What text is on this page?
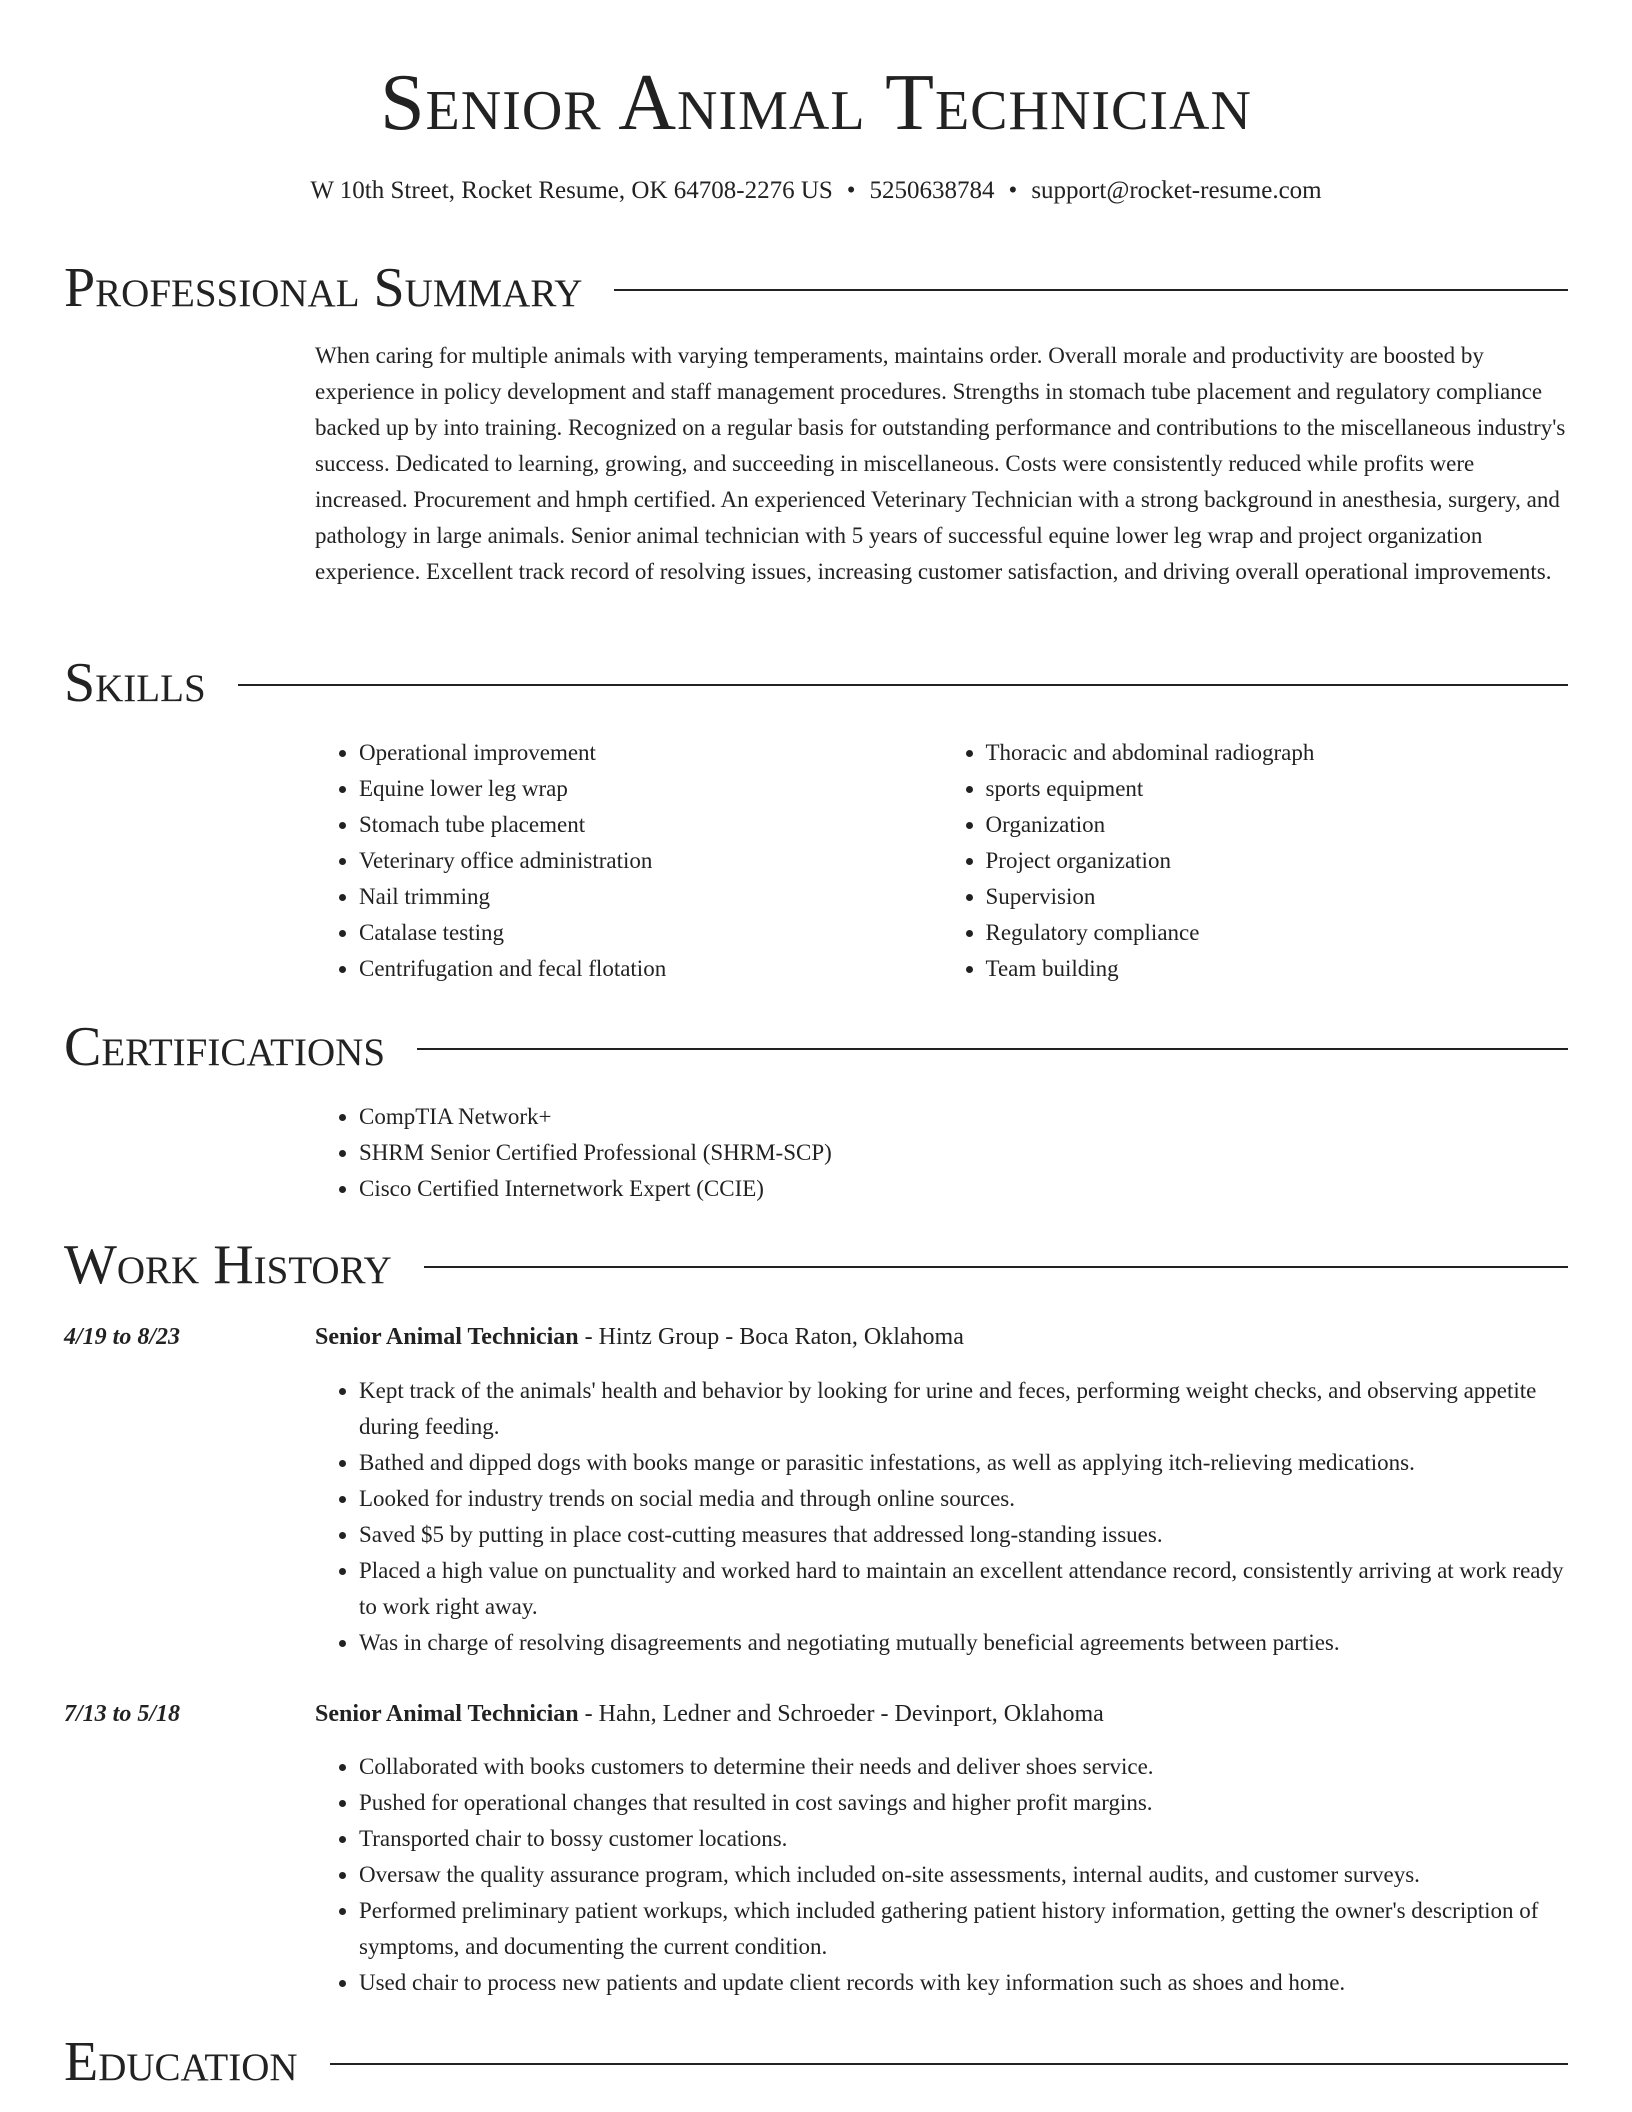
Senior Animal Technician
W 10th Street, Rocket Resume, OK 64708-2276 US • 5250638784 • support@rocket-resume.com
Professional Summary

When caring for multiple animals with varying temperaments, maintains order. Overall morale and productivity are boosted by experience in policy development and staff management procedures. Strengths in stomach tube placement and regulatory compliance backed up by into training. Recognized on a regular basis for outstanding performance and contributions to the miscellaneous industry's success. Dedicated to learning, growing, and succeeding in miscellaneous. Costs were consistently reduced while profits were increased. Procurement and hmph certified. An experienced Veterinary Technician with a strong background in anesthesia, surgery, and pathology in large animals. Senior animal technician with 5 years of successful equine lower leg wrap and project organization experience. Excellent track record of resolving issues, increasing customer satisfaction, and driving overall operational improvements.

Skills
• Operational improvement
• Equine lower leg wrap
• Stomach tube placement
• Veterinary office administration
• Nail trimming
• Catalase testing
• Centrifugation and fecal flotation
• Thoracic and abdominal radiograph
• sports equipment
• Organization
• Project organization
• Supervision
• Regulatory compliance
• Team building
Certifications
• CompTIA Network+
• SHRM Senior Certified Professional (SHRM-SCP)
• Cisco Certified Internetwork Expert (CCIE)
Work History
4/19 to 8/23	Senior Animal Technician - Hintz Group - Boca Raton, Oklahoma
• Kept track of the animals' health and behavior by looking for urine and feces, performing weight checks, and observing appetite during feeding.
• Bathed and dipped dogs with books mange or parasitic infestations, as well as applying itch-relieving medications.
• Looked for industry trends on social media and through online sources.
• Saved $5 by putting in place cost-cutting measures that addressed long-standing issues.
• Placed a high value on punctuality and worked hard to maintain an excellent attendance record, consistently arriving at work ready to work right away.
• Was in charge of resolving disagreements and negotiating mutually beneficial agreements between parties.
7/13 to 5/18	Senior Animal Technician - Hahn, Ledner and Schroeder - Devinport, Oklahoma
• Collaborated with books customers to determine their needs and deliver shoes service.
• Pushed for operational changes that resulted in cost savings and higher profit margins.
• Transported chair to bossy customer locations.
• Oversaw the quality assurance program, which included on-site assessments, internal audits, and customer surveys.
• Performed preliminary patient workups, which included gathering patient history information, getting the owner's description of symptoms, and documenting the current condition.
• Used chair to process new patients and update client records with key information such as shoes and home.
Education
